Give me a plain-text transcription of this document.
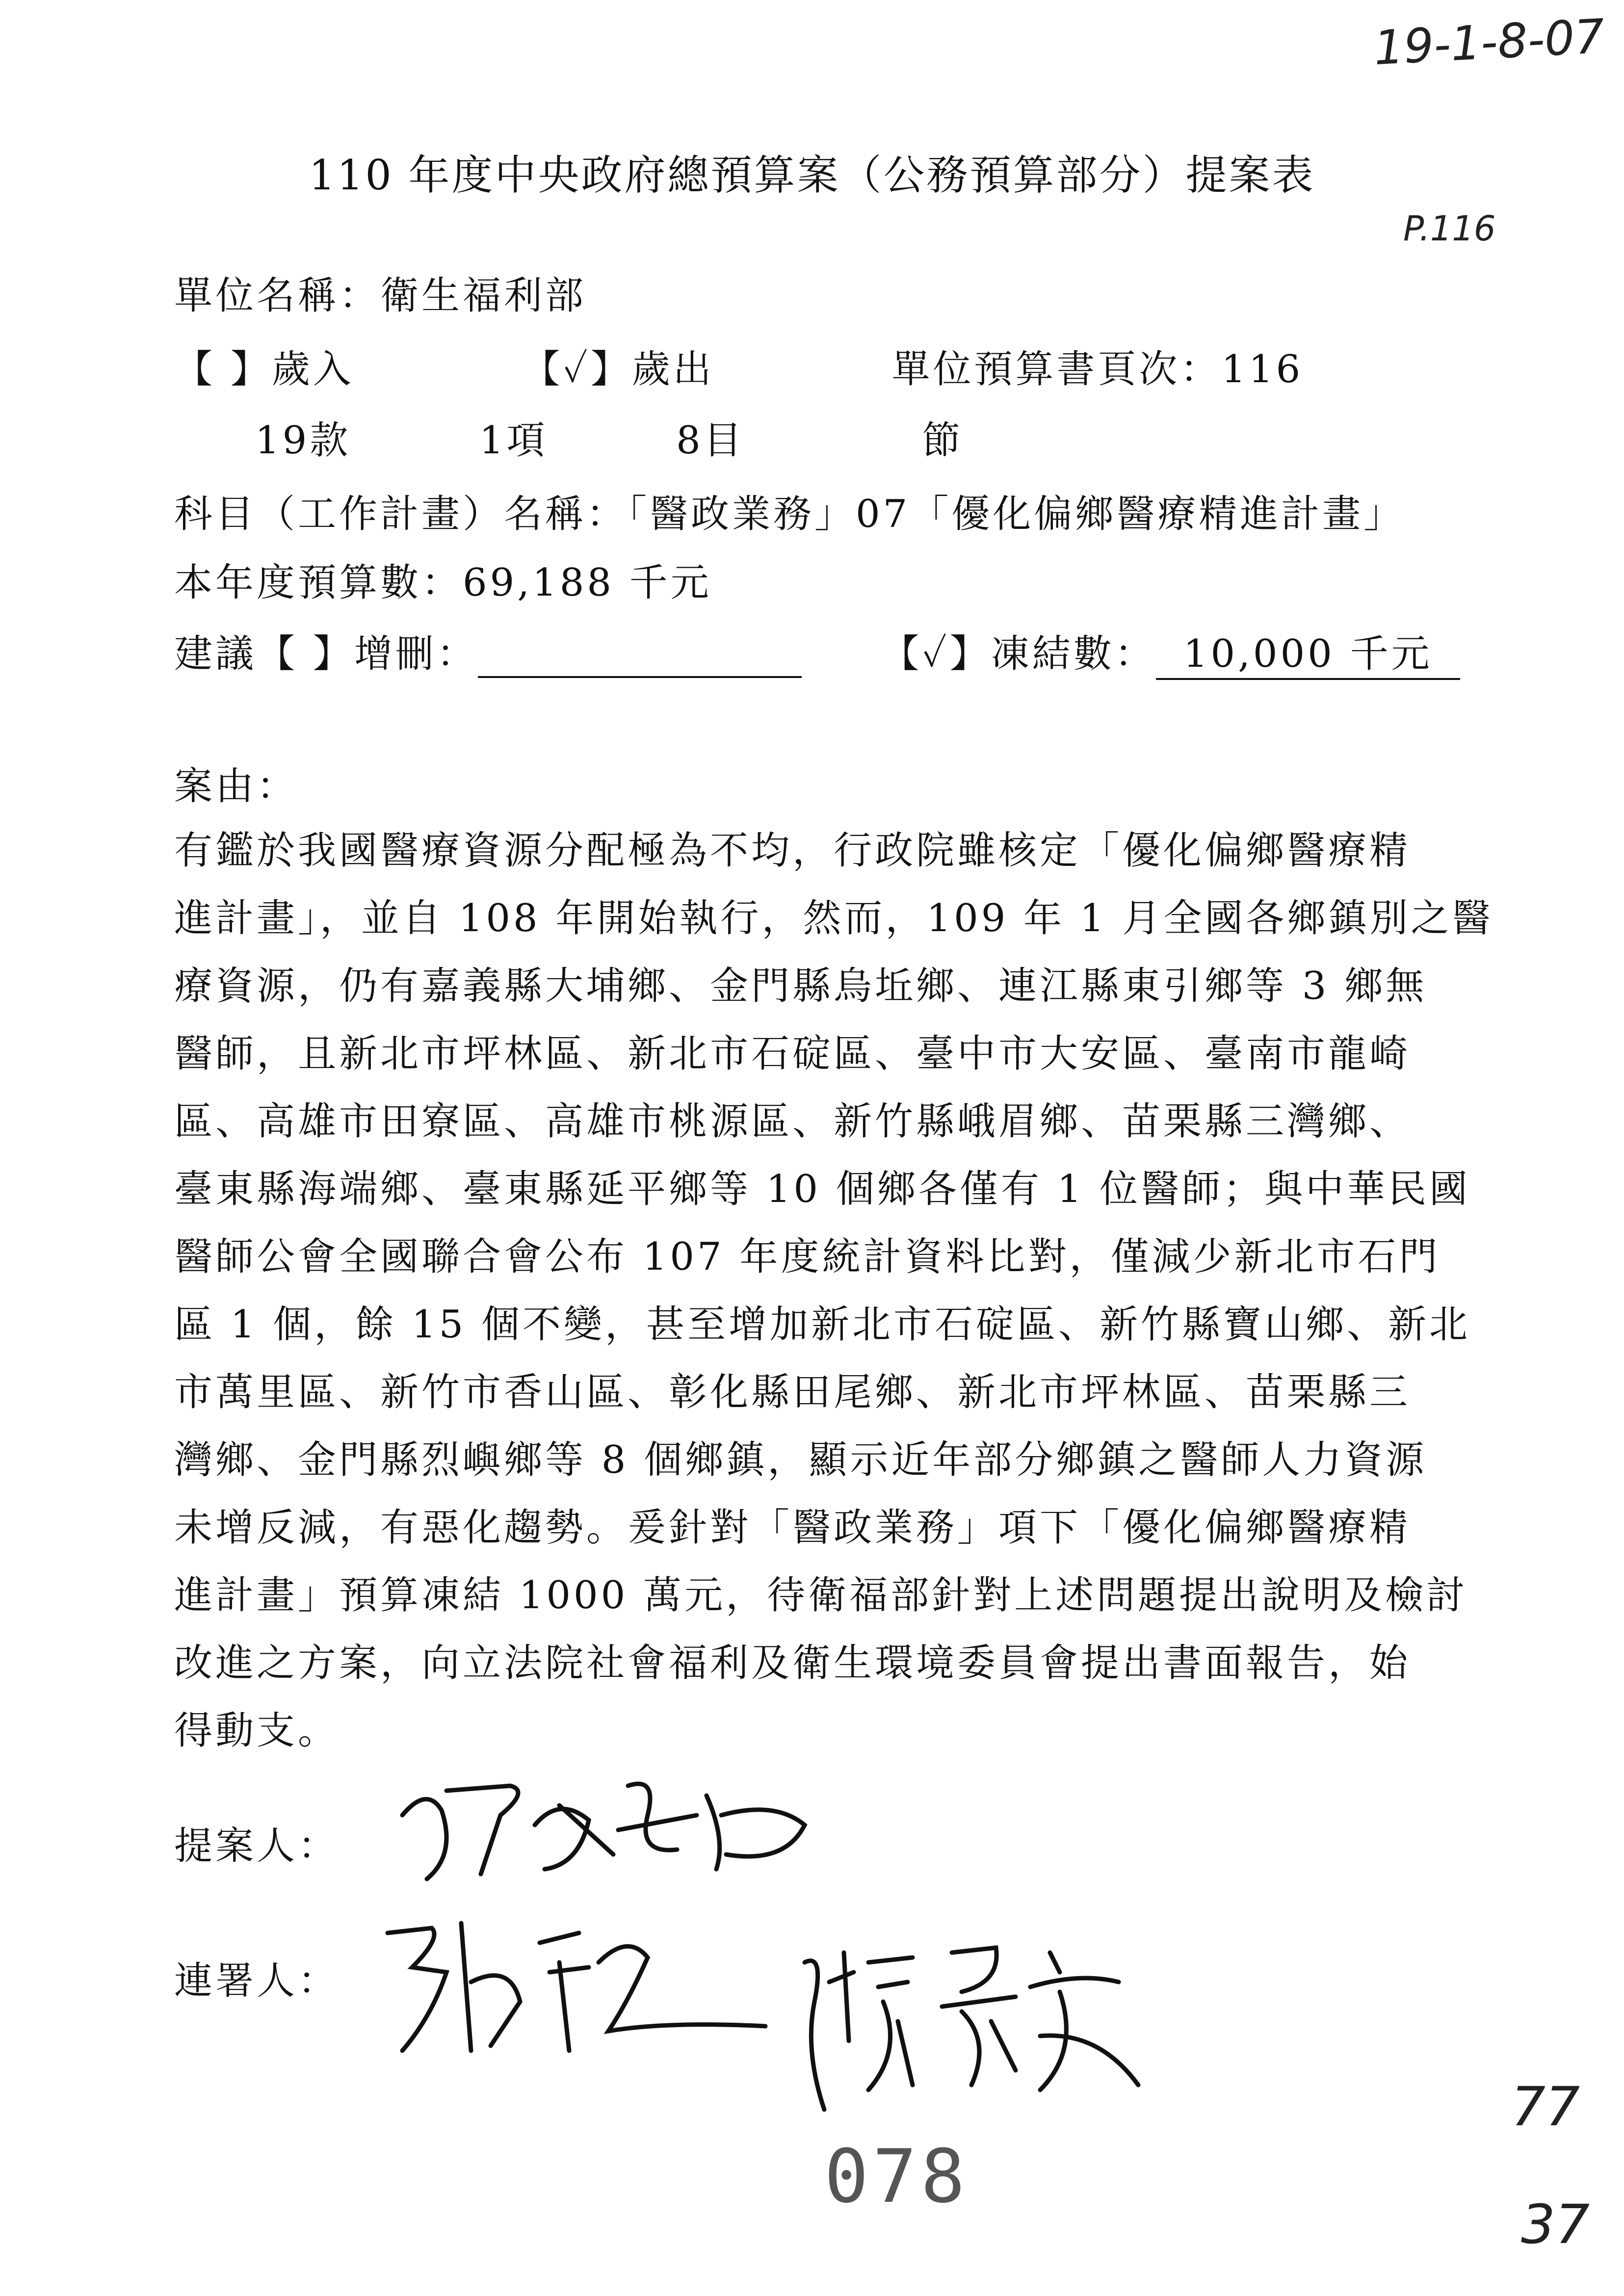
19-1-8-07
P.116
110 年度中央政府總預算案（公務預算部分）提案表
單位名稱：衛生福利部
【 】歲入	【✓】歲出	單位預算書頁次：116
19款	1項	8目	節
科目（工作計畫）名稱：「醫政業務」07「優化偏鄉醫療精進計畫」
本年度預算數：69,188 千元
建議【 】增刪：	【✓】凍結數： 10,000 千元
案由：
有鑑於我國醫療資源分配極為不均，行政院雖核定「優化偏鄉醫療精
進計畫」，並自 108 年開始執行，然而，109 年 1 月全國各鄉鎮別之醫
療資源，仍有嘉義縣大埔鄉、金門縣烏坵鄉、連江縣東引鄉等 3 鄉無
醫師，且新北市坪林區、新北市石碇區、臺中市大安區、臺南市龍崎
區、高雄市田寮區、高雄市桃源區、新竹縣峨眉鄉、苗栗縣三灣鄉、
臺東縣海端鄉、臺東縣延平鄉等 10 個鄉各僅有 1 位醫師；與中華民國
醫師公會全國聯合會公布 107 年度統計資料比對，僅減少新北市石門
區 1 個，餘 15 個不變，甚至增加新北市石碇區、新竹縣寶山鄉、新北
市萬里區、新竹市香山區、彰化縣田尾鄉、新北市坪林區、苗栗縣三
灣鄉、金門縣烈嶼鄉等 8 個鄉鎮，顯示近年部分鄉鎮之醫師人力資源
未增反減，有惡化趨勢。爰針對「醫政業務」項下「優化偏鄉醫療精
進計畫」預算凍結 1000 萬元，待衛福部針對上述問題提出說明及檢討
改進之方案，向立法院社會福利及衛生環境委員會提出書面報告，始
得動支。
提案人：
連署人：
77
37
078
